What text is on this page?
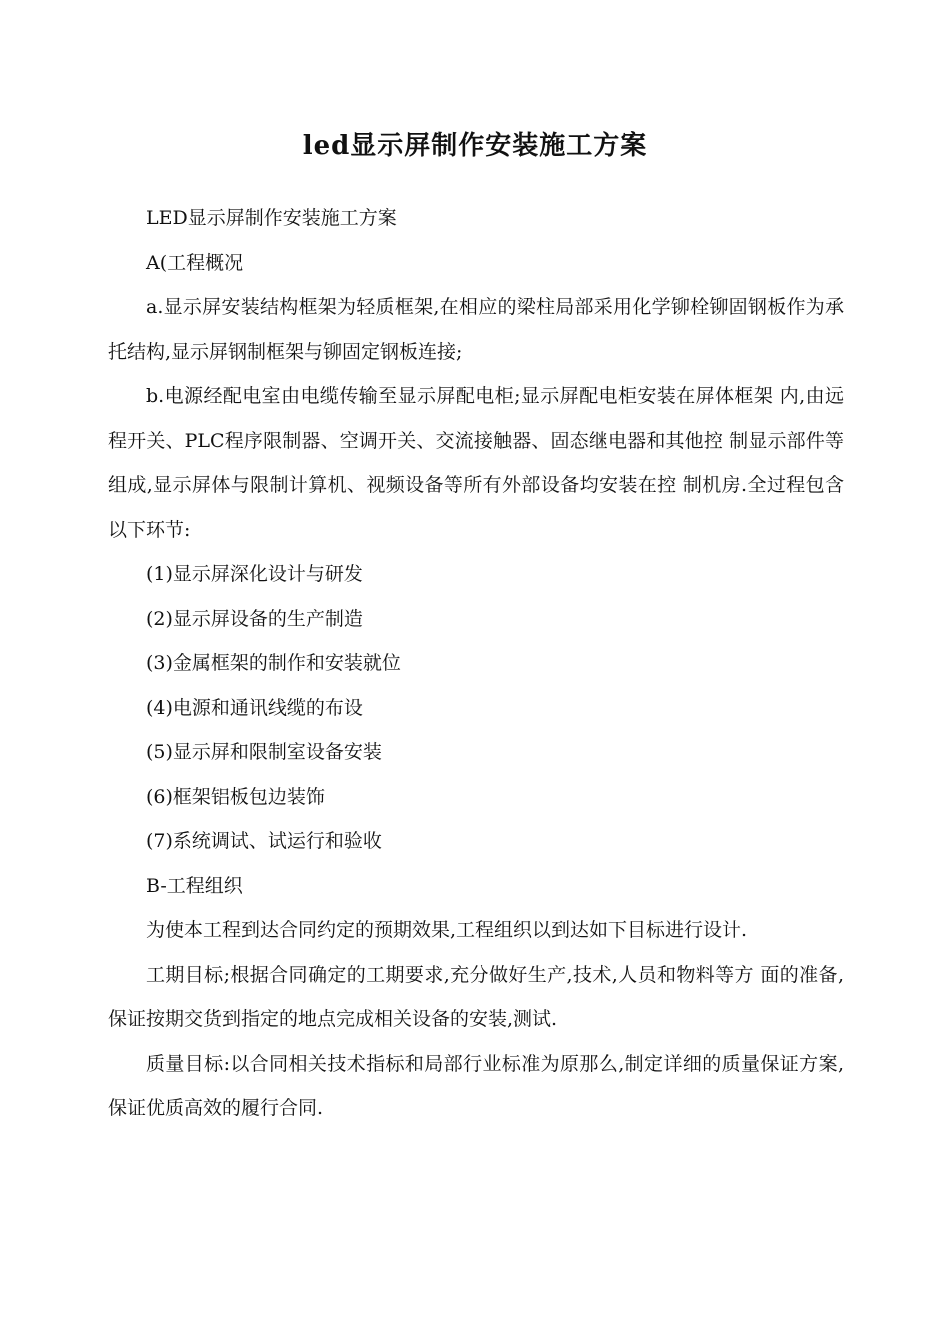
led显示屏制作安装施工方案

LED显示屏制作安装施工方案

A(工程概况

a.显示屏安装结构框架为轻质框架,在相应的梁柱局部采用化学铆栓铆固钢板作为承托结构,显示屏钢制框架与铆固定钢板连接;

b.电源经配电室由电缆传输至显示屏配电柜;显示屏配电柜安装在屏体框架 内,由远程开关、PLC程序限制器、空调开关、交流接触器、固态继电器和其他控 制显示部件等组成,显示屏体与限制计算机、视频设备等所有外部设备均安装在控 制机房.全过程包含以下环节:

(1)显示屏深化设计与研发

(2)显示屏设备的生产制造

(3)金属框架的制作和安装就位

(4)电源和通讯线缆的布设

(5)显示屏和限制室设备安装

(6)框架铝板包边装饰

(7)系统调试、试运行和验收

B-工程组织

为使本工程到达合同约定的预期效果,工程组织以到达如下目标进行设计.

工期目标;根据合同确定的工期要求,充分做好生产,技术,人员和物料等方 面的准备,保证按期交货到指定的地点完成相关设备的安装,测试.

质量目标:以合同相关技术指标和局部行业标准为原那么,制定详细的质量保证方案,保证优质高效的履行合同.
